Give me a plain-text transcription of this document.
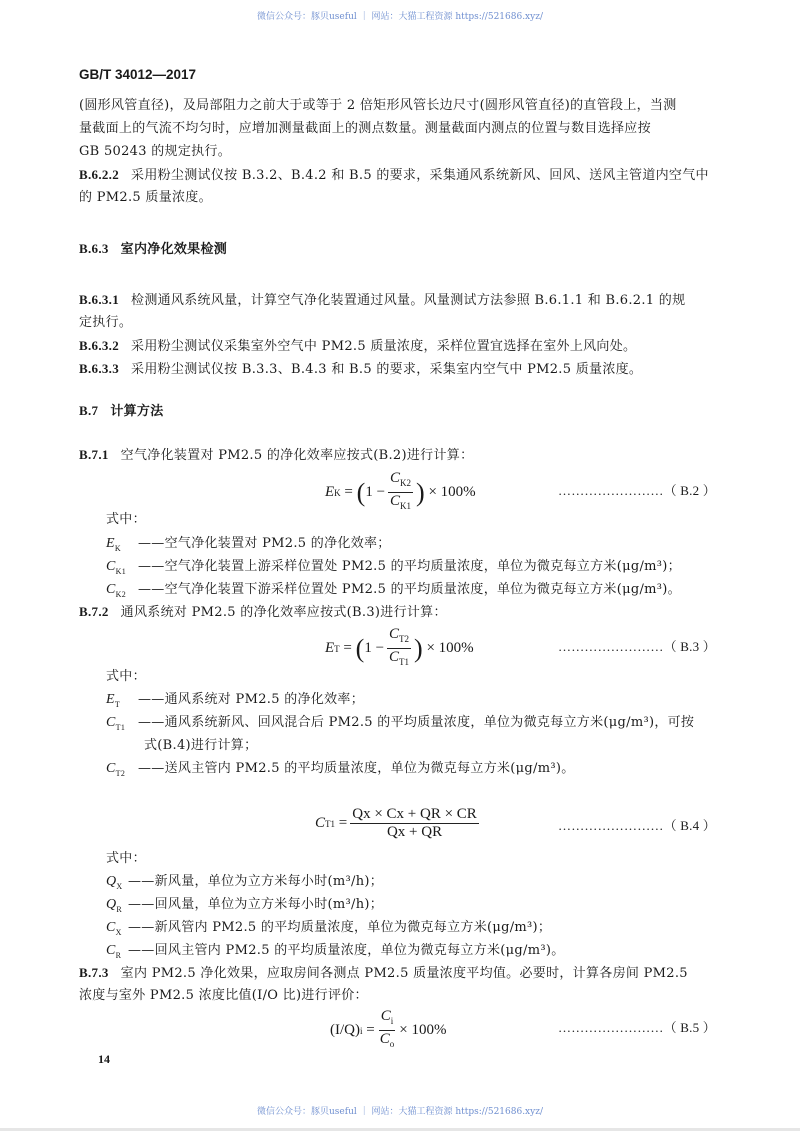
微信公众号：豚贝useful ｜ 网站：大猫工程资源 https://521686.xyz/
GB/T 34012—2017
(圆形风管直径)，及局部阻力之前大于或等于 2 倍矩形风管长边尺寸(圆形风管直径)的直管段上，当测
量截面上的气流不均匀时，应增加测量截面上的测点数量。测量截面内测点的位置与数目选择应按
GB 50243 的规定执行。
B.6.2.2 采用粉尘测试仪按 B.3.2、B.4.2 和 B.5 的要求，采集通风系统新风、回风、送风主管道内空气中
的 PM2.5 质量浓度。
B.6.3 室内净化效果检测
B.6.3.1 检测通风系统风量，计算空气净化装置通过风量。风量测试方法参照 B.6.1.1 和 B.6.2.1 的规
定执行。
B.6.3.2 采用粉尘测试仪采集室外空气中 PM2.5 质量浓度，采样位置宜选择在室外上风向处。
B.6.3.3 采用粉尘测试仪按 B.3.3、B.4.3 和 B.5 的要求，采集室内空气中 PM2.5 质量浓度。
B.7 计算方法
B.7.1 空气净化装置对 PM2.5 的净化效率应按式(B.2)进行计算：
E K = ( $1 - \frac{C_{K2}}{C_{K1}}$ )
× 100%	……………………（ B.2 ）
式中：
$E_K$ ——空气净化装置对 PM2.5 的净化效率；
$C_{K1}$ ——空气净化装置上游采样位置处 PM2.5 的平均质量浓度，单位为微克每立方米(μg/m³)；
$C_{K2}$ ——空气净化装置下游采样位置处 PM2.5 的平均质量浓度，单位为微克每立方米(μg/m³)。
B.7.2 通风系统对 PM2.5 的净化效率应按式(B.3)进行计算：
E T = ( $1 - \frac{C_{T2}}{C_{T1}}$ )
× 100%	……………………（ B.3 ）
式中：
$E_T$ ——通风系统对 PM2.5 的净化效率；
$C_{T1}$ ——通风系统新风、回风混合后 PM2.5 的平均质量浓度，单位为微克每立方米(μg/m³)，可按
式(B.4)进行计算；
$C_{T2}$ ——送风主管内 PM2.5 的平均质量浓度，单位为微克每立方米(μg/m³)。
C $T1 = \frac{Qx \times Cx + QR \times CR}{Qx + QR}$	……………………（ B.4 ）
式中：
$Q_X$ ——新风量，单位为立方米每小时(m³/h)；
$Q_R$ ——回风量，单位为立方米每小时(m³/h)；
$C_X$ ——新风管内 PM2.5 的平均质量浓度，单位为微克每立方米(μg/m³)；
$C_R$ ——回风主管内 PM2.5 的平均质量浓度，单位为微克每立方米(μg/m³)。
B.7.3 室内 PM2.5 净化效果，应取房间各测点 PM2.5 质量浓度平均值。必要时，计算各房间 PM2.5
浓度与室外 PM2.5 浓度比值(I/O 比)进行评价：
(I/Q) $i = \frac{C_i}{C_o} \times 100\%$	……………………（ B.5 ）
14
微信公众号：豚贝useful ｜ 网站：大猫工程资源 https://521686.xyz/
